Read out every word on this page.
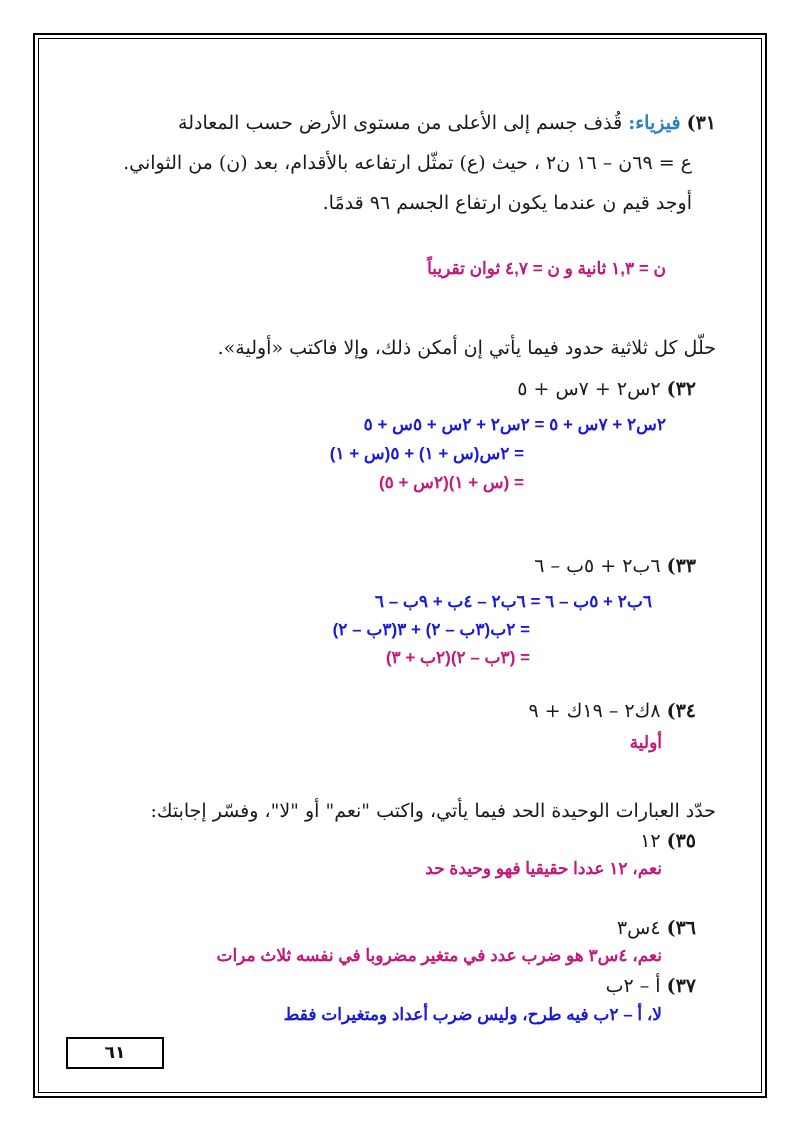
٣١) فيزياء: قُذف جسم إلى الأعلى من مستوى الأرض حسب المعادلة
ع = ٦٩ن – ١٦ ن٢ ، حيث (ع) تمثّل ارتفاعه بالأقدام، بعد (ن) من الثواني.
أوجد قيم ن عندما يكون ارتفاع الجسم ٩٦ قدمًا.
ن = ١,٣ ثانية و ن = ٤,٧ ثوان تقريباً
حلّل كل ثلاثية حدود فيما يأتي إن أمكن ذلك، وإلا فاكتب «أولية».
٣٢) ٢س٢ + ٧س + ٥
٢س٢ + ٧س + ٥ = ٢س٢ + ٢س + ٥س + ٥
= ٢س(س + ١) + ٥(س + ١)
= (س + ١)(٢س + ٥)
٣٣) ٦ب٢ + ٥ب – ٦
٦ب٢ + ٥ب – ٦ = ٦ب٢ – ٤ب + ٩ب – ٦
= ٢ب(٣ب – ٢) + ٣(٣ب – ٢)
= (٣ب – ٢)(٢ب + ٣)
٣٤) ٨ك٢ – ١٩ك + ٩
أولية
حدّد العبارات الوحيدة الحد فيما يأتي، واكتب "نعم" أو "لا"، وفسّر إجابتك:
٣٥) ١٢
نعم، ١٢ عددا حقيقيا فهو وحيدة حد
٣٦) ٤س٣
نعم، ٤س٣ هو ضرب عدد في متغير مضروبا في نفسه ثلاث مرات
٣٧) أ – ٢ب
لا، أ – ٢ب فيه طرح، وليس ضرب أعداد ومتغيرات فقط
٦١
